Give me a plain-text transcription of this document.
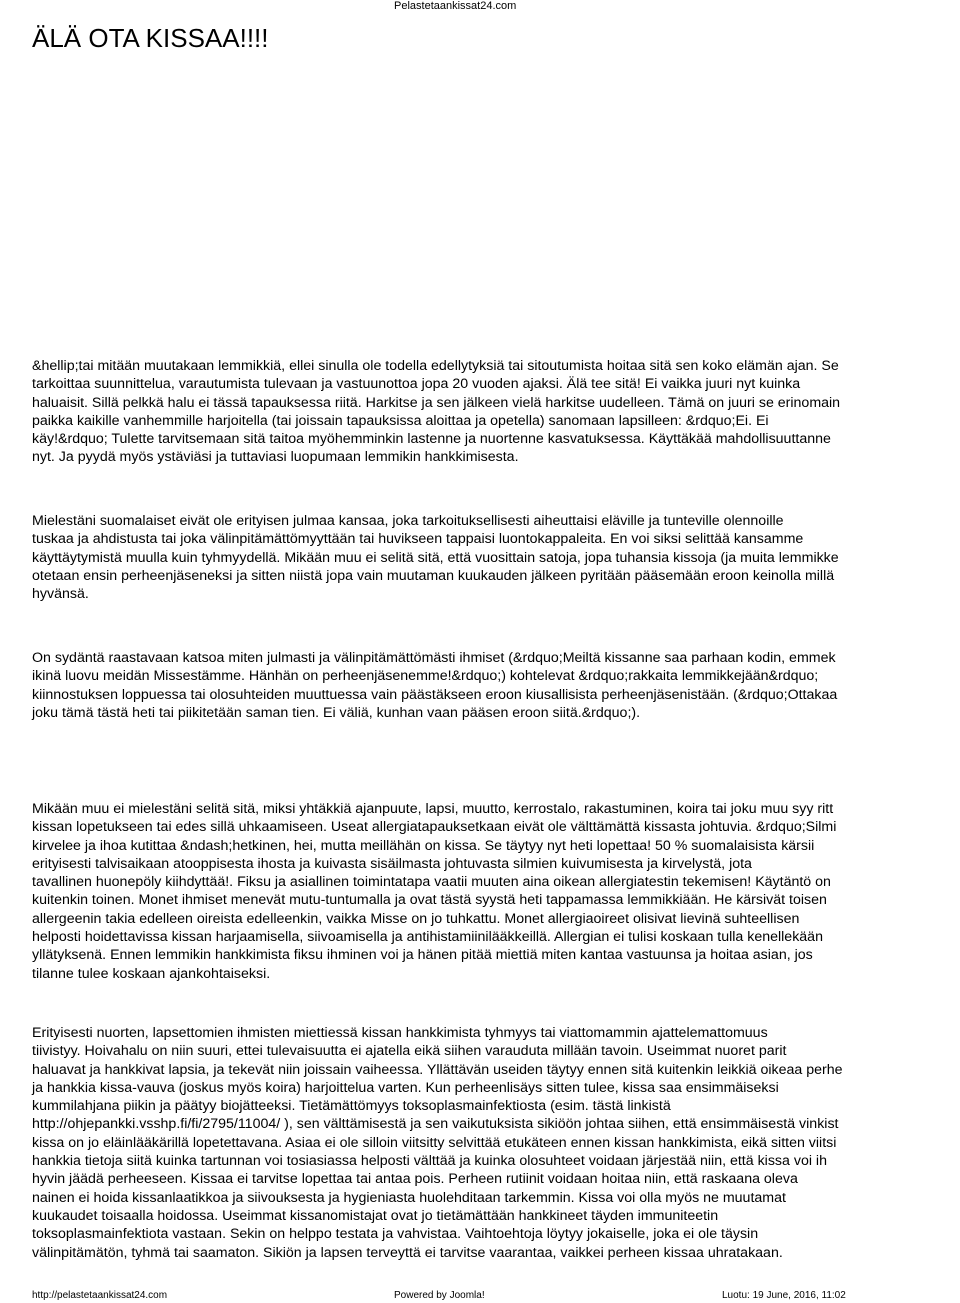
Pelastetaankissat24.com
ÄLÄ OTA KISSAA!!!!
&hellip;tai mitään muutakaan lemmikkiä, ellei sinulla ole todella edellytyksiä tai sitoutumista hoitaa sitä sen koko elämän ajan. Se
tarkoittaa suunnittelua, varautumista tulevaan ja vastuunottoa jopa 20 vuoden ajaksi. Älä tee sitä! Ei vaikka juuri nyt kuinka
haluaisit. Sillä pelkkä halu ei tässä tapauksessa riitä. Harkitse ja sen jälkeen vielä harkitse uudelleen. Tämä on juuri se erinomain
paikka kaikille vanhemmille harjoitella (tai joissain tapauksissa aloittaa ja opetella) sanomaan lapsilleen: &rdquo;Ei. Ei
käy!&rdquo; Tulette tarvitsemaan sitä taitoa myöhemminkin lastenne ja nuortenne kasvatuksessa. Käyttäkää mahdollisuuttanne
nyt. Ja pyydä myös ystäviäsi ja tuttaviasi luopumaan lemmikin hankkimisesta.
Mielestäni suomalaiset eivät ole erityisen julmaa kansaa, joka tarkoituksellisesti aiheuttaisi eläville ja tunteville olennoille
tuskaa ja ahdistusta tai joka välinpitämättömyyttään tai huvikseen tappaisi luontokappaleita. En voi siksi selittää kansamme
käyttäytymistä muulla kuin tyhmyydellä. Mikään muu ei selitä sitä, että vuosittain satoja, jopa tuhansia kissoja (ja muita lemmikke
otetaan ensin perheenjäseneksi ja sitten niistä jopa vain muutaman kuukauden jälkeen pyritään pääsemään eroon keinolla millä
hyvänsä.
On sydäntä raastavaan katsoa miten julmasti ja välinpitämättömästi ihmiset (&rdquo;Meiltä kissanne saa parhaan kodin, emmek
ikinä luovu meidän Missestämme. Hänhän on perheenjäsenemme!&rdquo;) kohtelevat &rdquo;rakkaita lemmikkejään&rdquo;
kiinnostuksen loppuessa tai olosuhteiden muuttuessa vain päästäkseen eroon kiusallisista perheenjäsenistään. (&rdquo;Ottakaa
joku tämä tästä heti tai piikitetään saman tien. Ei väliä, kunhan vaan pääsen eroon siitä.&rdquo;).
Mikään muu ei mielestäni selitä sitä, miksi yhtäkkiä ajanpuute, lapsi, muutto, kerrostalo, rakastuminen, koira tai joku muu syy ritt
kissan lopetukseen tai edes sillä uhkaamiseen. Useat allergiatapauksetkaan eivät ole välttämättä kissasta johtuvia. &rdquo;Silmi
kirvelee ja ihoa kutittaa &ndash;hetkinen, hei, mutta meillähän on kissa. Se täytyy nyt heti lopettaa! 50 % suomalaisista kärsii
erityisesti talvisaikaan atooppisesta ihosta ja kuivasta sisäilmasta johtuvasta silmien kuivumisesta ja kirvelystä, jota
tavallinen huonepöly kiihdyttää!. Fiksu ja asiallinen toimintatapa vaatii muuten aina oikean allergiatestin tekemisen! Käytäntö on
kuitenkin toinen. Monet ihmiset menevät mutu-tuntumalla ja ovat tästä syystä heti tappamassa lemmikkiään. He kärsivät toisen
allergeenin takia edelleen oireista edelleenkin, vaikka Misse on jo tuhkattu. Monet allergiaoireet olisivat lievinä suhteellisen
helposti hoidettavissa kissan harjaamisella, siivoamisella ja antihistamiinilääkkeillä. Allergian ei tulisi koskaan tulla kenellekään
yllätyksenä. Ennen lemmikin hankkimista fiksu ihminen voi ja hänen pitää miettiä miten kantaa vastuunsa ja hoitaa asian, jos
tilanne tulee koskaan ajankohtaiseksi.
Erityisesti nuorten, lapsettomien ihmisten miettiessä kissan hankkimista tyhmyys tai viattomammin ajattelemattomuus
tiivistyy. Hoivahalu on niin suuri, ettei tulevaisuutta ei ajatella eikä siihen varauduta millään tavoin. Useimmat nuoret parit
haluavat ja hankkivat lapsia, ja tekevät niin joissain vaiheessa. Yllättävän useiden täytyy ennen sitä kuitenkin leikkiä oikeaa perhe
ja hankkia kissa-vauva (joskus myös koira) harjoittelua varten. Kun perheenlisäys sitten tulee, kissa saa ensimmäiseksi
kummilahjana piikin ja päätyy biojätteeksi. Tietämättömyys toksoplasmainfektiosta (esim. tästä linkistä
http://ohjepankki.vsshp.fi/fi/2795/11004/ ), sen välttämisestä ja sen vaikutuksista sikiöön johtaa siihen, että ensimmäisestä vinkist
kissa on jo eläinlääkärillä lopetettavana. Asiaa ei ole silloin viitsitty selvittää etukäteen ennen kissan hankkimista, eikä sitten viitsi
hankkia tietoja siitä kuinka tartunnan voi tosiasiassa helposti välttää ja kuinka olosuhteet voidaan järjestää niin, että kissa voi ih
hyvin jäädä perheeseen. Kissaa ei tarvitse lopettaa tai antaa pois. Perheen rutiinit voidaan hoitaa niin, että raskaana oleva
nainen ei hoida kissanlaatikkoa ja siivouksesta ja hygieniasta huolehditaan tarkemmin. Kissa voi olla myös ne muutamat
kuukaudet toisaalla hoidossa. Useimmat kissanomistajat ovat jo tietämättään hankkineet täyden immuniteetin
toksoplasmainfektiota vastaan. Sekin on helppo testata ja vahvistaa. Vaihtoehtoja löytyy jokaiselle, joka ei ole täysin
välinpitämätön, tyhmä tai saamaton. Sikiön ja lapsen terveyttä ei tarvitse vaarantaa, vaikkei perheen kissaa uhratakaan.
http://pelastetaankissat24.com	Powered by Joomla!	Luotu: 19 June, 2016, 11:02
